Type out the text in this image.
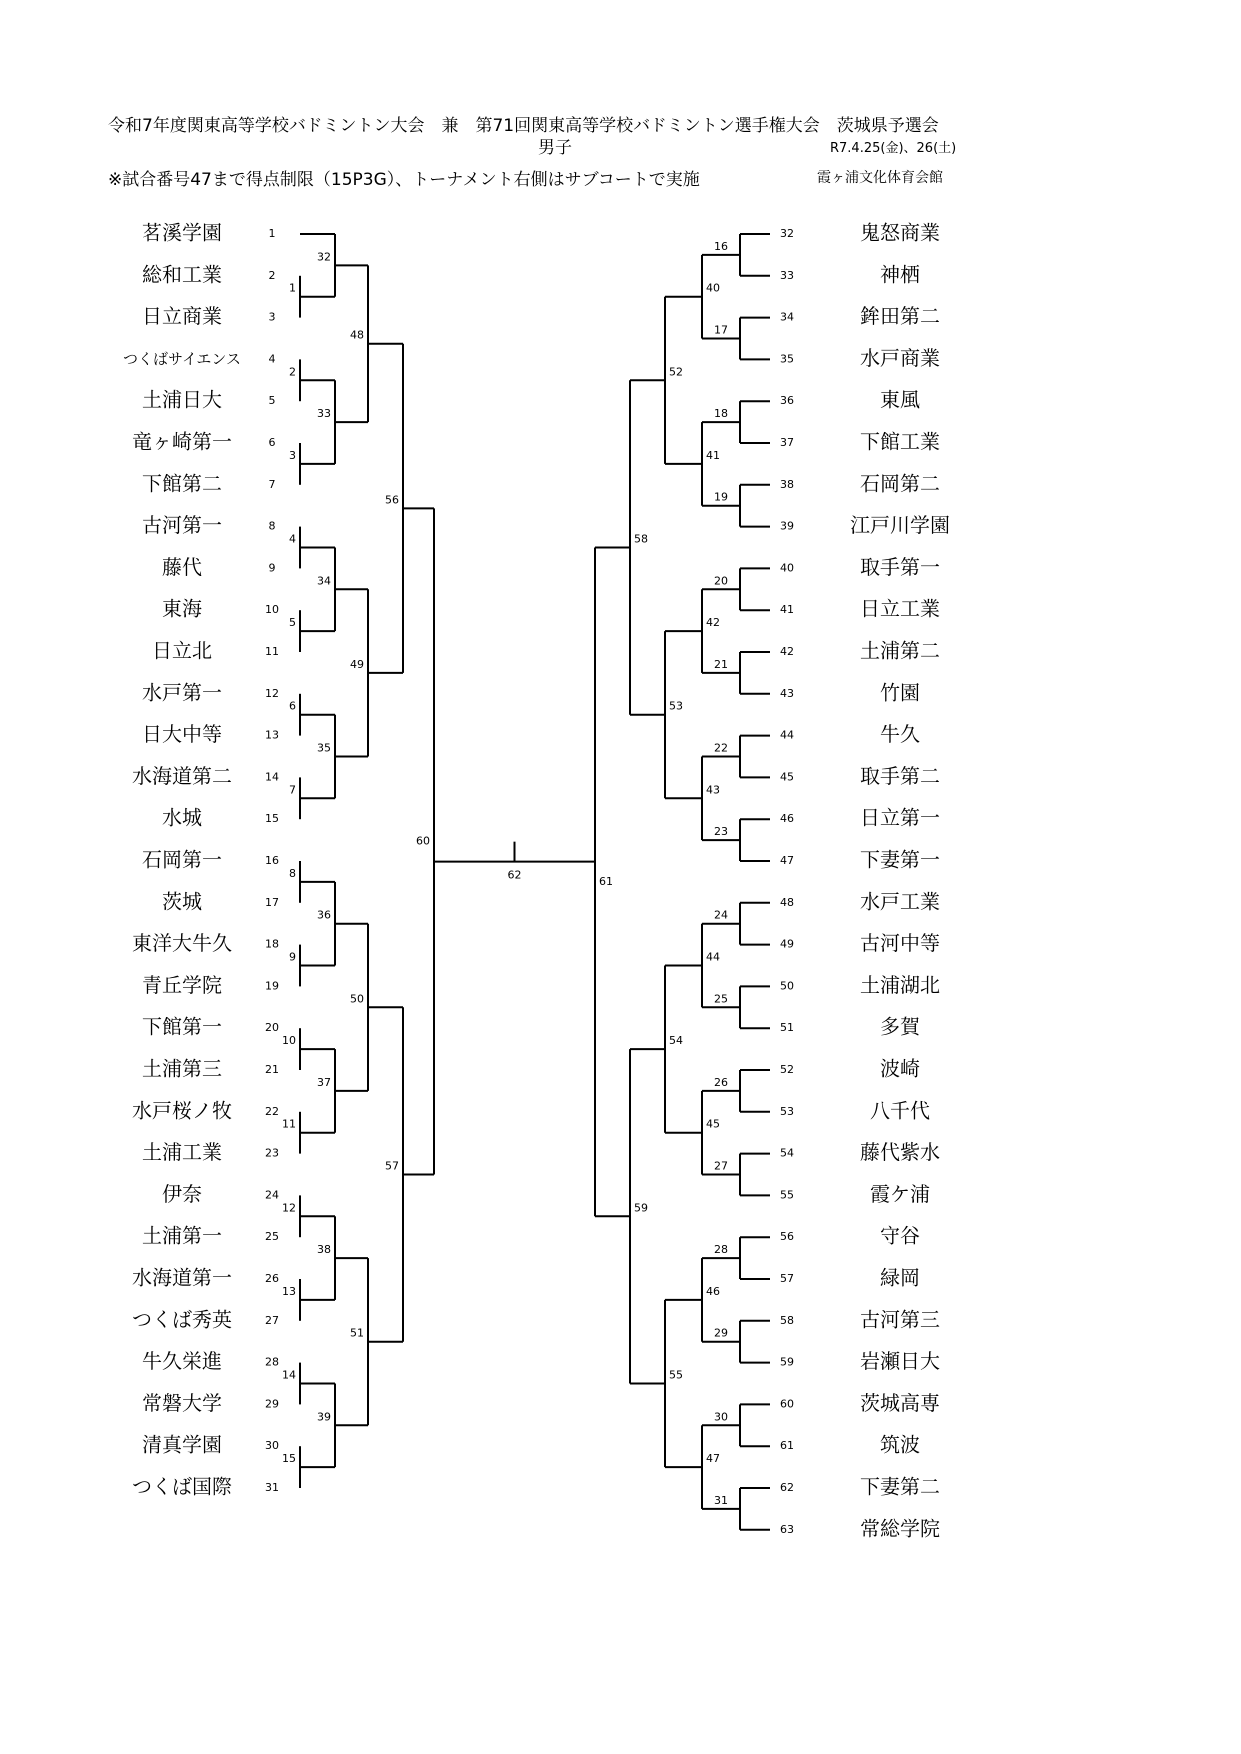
令和7年度関東高等学校バドミントン大会　兼　第71回関東高等学校バドミントン選手権大会　茨城県予選会
男子	R7.4.25(金)、26(土)
※試合番号47まで得点制限（15P3G）、トーナメント右側はサブコートで実施	霞ヶ浦文化体育会館
茗溪学園	1
総和工業	2
日立商業	3
つくばサイエンス	4
土浦日大	5
竜ヶ崎第一	6
下館第二	7
古河第一	8
藤代	9
東海	10
日立北	11
水戸第一	12
日大中等	13
水海道第二	14
水城	15
石岡第一	16
茨城	17
東洋大牛久	18
青丘学院	19
下館第一	20
土浦第三	21
水戸桜ノ牧	22
土浦工業	23
伊奈	24
土浦第一	25
水海道第一	26
つくば秀英	27
牛久栄進	28
常磐大学	29
清真学園	30
つくば国際	31
1
2
3
4
5
6
7
8
9
10
11
12
13
14
15
32
33
34
35
36
37
38
39
48
49
50
51
56
57
60
鬼怒商業
32
神栖
33
鉾田第二
34
水戸商業
35
東風
36
下館工業
37
石岡第二
38
江戸川学園
39
取手第一
40
日立工業
41
土浦第二
42
竹園
43
牛久
44
取手第二
45
日立第一
46
下妻第一
47
水戸工業
48
古河中等
49
土浦湖北
50
多賀
51
波崎
52
八千代
53
藤代紫水
54
霞ケ浦
55
守谷
56
緑岡
57
古河第三
58
岩瀬日大
59
茨城高専
60
筑波
61
下妻第二
62
常総学院
63
16
17
18
19
20
21
22
23
24
25
26
27
28
29
30
31
40
41
42
43
44
45
46
47
52
53
54
55
58
59
61
62
